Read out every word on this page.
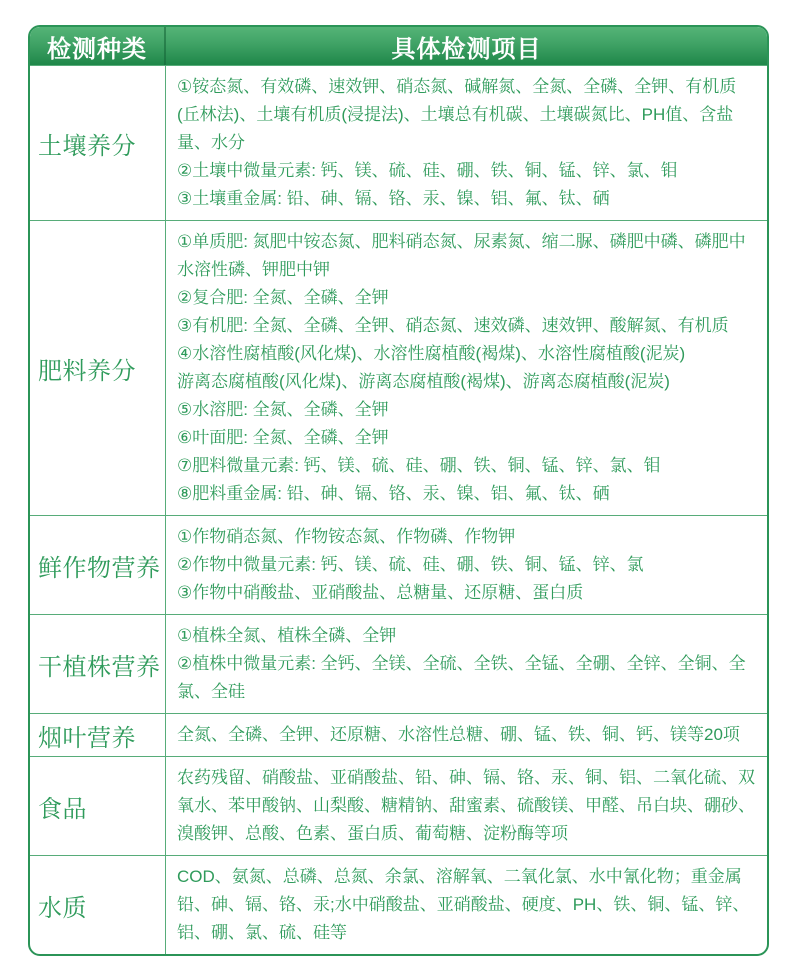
检测种类	具体检测项目
土壤养分
①铵态氮、有效磷、速效钾、硝态氮、碱解氮、全氮、全磷、全钾、有机质(丘林法)、土壤有机质(浸提法)、土壤总有机碳、土壤碳氮比、PH值、含盐量、水分
②土壤中微量元素: 钙、镁、硫、硅、硼、铁、铜、锰、锌、氯、钼
③土壤重金属: 铅、砷、镉、铬、汞、镍、铝、氟、钛、硒
肥料养分
①单质肥: 氮肥中铵态氮、肥料硝态氮、尿素氮、缩二脲、磷肥中磷、磷肥中水溶性磷、钾肥中钾
②复合肥: 全氮、全磷、全钾
③有机肥: 全氮、全磷、全钾、硝态氮、速效磷、速效钾、酸解氮、有机质
④水溶性腐植酸(风化煤)、水溶性腐植酸(褐煤)、水溶性腐植酸(泥炭)
游离态腐植酸(风化煤)、游离态腐植酸(褐煤)、游离态腐植酸(泥炭)
⑤水溶肥: 全氮、全磷、全钾
⑥叶面肥: 全氮、全磷、全钾
⑦肥料微量元素: 钙、镁、硫、硅、硼、铁、铜、锰、锌、氯、钼
⑧肥料重金属: 铅、砷、镉、铬、汞、镍、铝、氟、钛、硒
鲜作物营养
①作物硝态氮、作物铵态氮、作物磷、作物钾
②作物中微量元素: 钙、镁、硫、硅、硼、铁、铜、锰、锌、氯
③作物中硝酸盐、亚硝酸盐、总糖量、还原糖、蛋白质
干植株营养
①植株全氮、植株全磷、全钾
②植株中微量元素: 全钙、全镁、全硫、全铁、全锰、全硼、全锌、全铜、全氯、全硅
烟叶营养	全氮、全磷、全钾、还原糖、水溶性总糖、硼、锰、铁、铜、钙、镁等20项
食品
农药残留、硝酸盐、亚硝酸盐、铅、砷、镉、铬、汞、铜、铝、二氧化硫、双氧水、苯甲酸钠、山梨酸、糖精钠、甜蜜素、硫酸镁、甲醛、吊白块、硼砂、溴酸钾、总酸、色素、蛋白质、葡萄糖、淀粉酶等项
水质
COD、氨氮、总磷、总氮、余氯、溶解氧、二氧化氯、水中氰化物；重金属铅、砷、镉、铬、汞;水中硝酸盐、亚硝酸盐、硬度、PH、铁、铜、锰、锌、铝、硼、氯、硫、硅等
